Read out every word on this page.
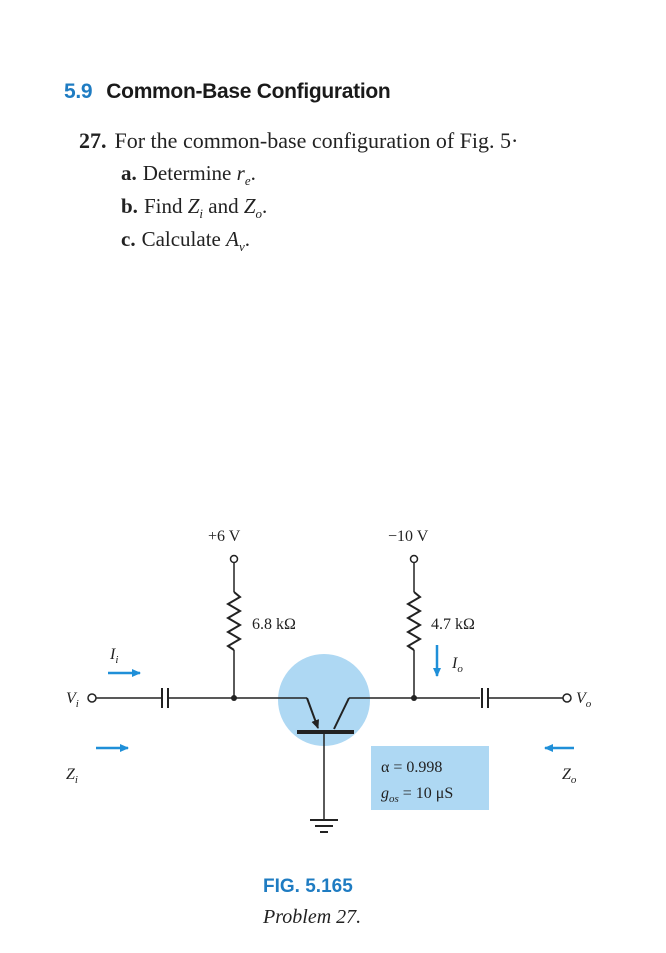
5.9 Common-Base Configuration
27. For the common-base configuration of Fig. 5·
a. Determine $r_e$.
b. Find $Z_i$ and $Z_o$.
c. Calculate $A_v$.
+6 V	−10 V
6.8 kΩ	4.7 kΩ
$I_o$
$I_i$
$V_i$	$V_o$
$Z_i$	$Z_o$
α = 0.998
$g_{os} = 10$ μS
FIG. 5.165
Problem 27.
